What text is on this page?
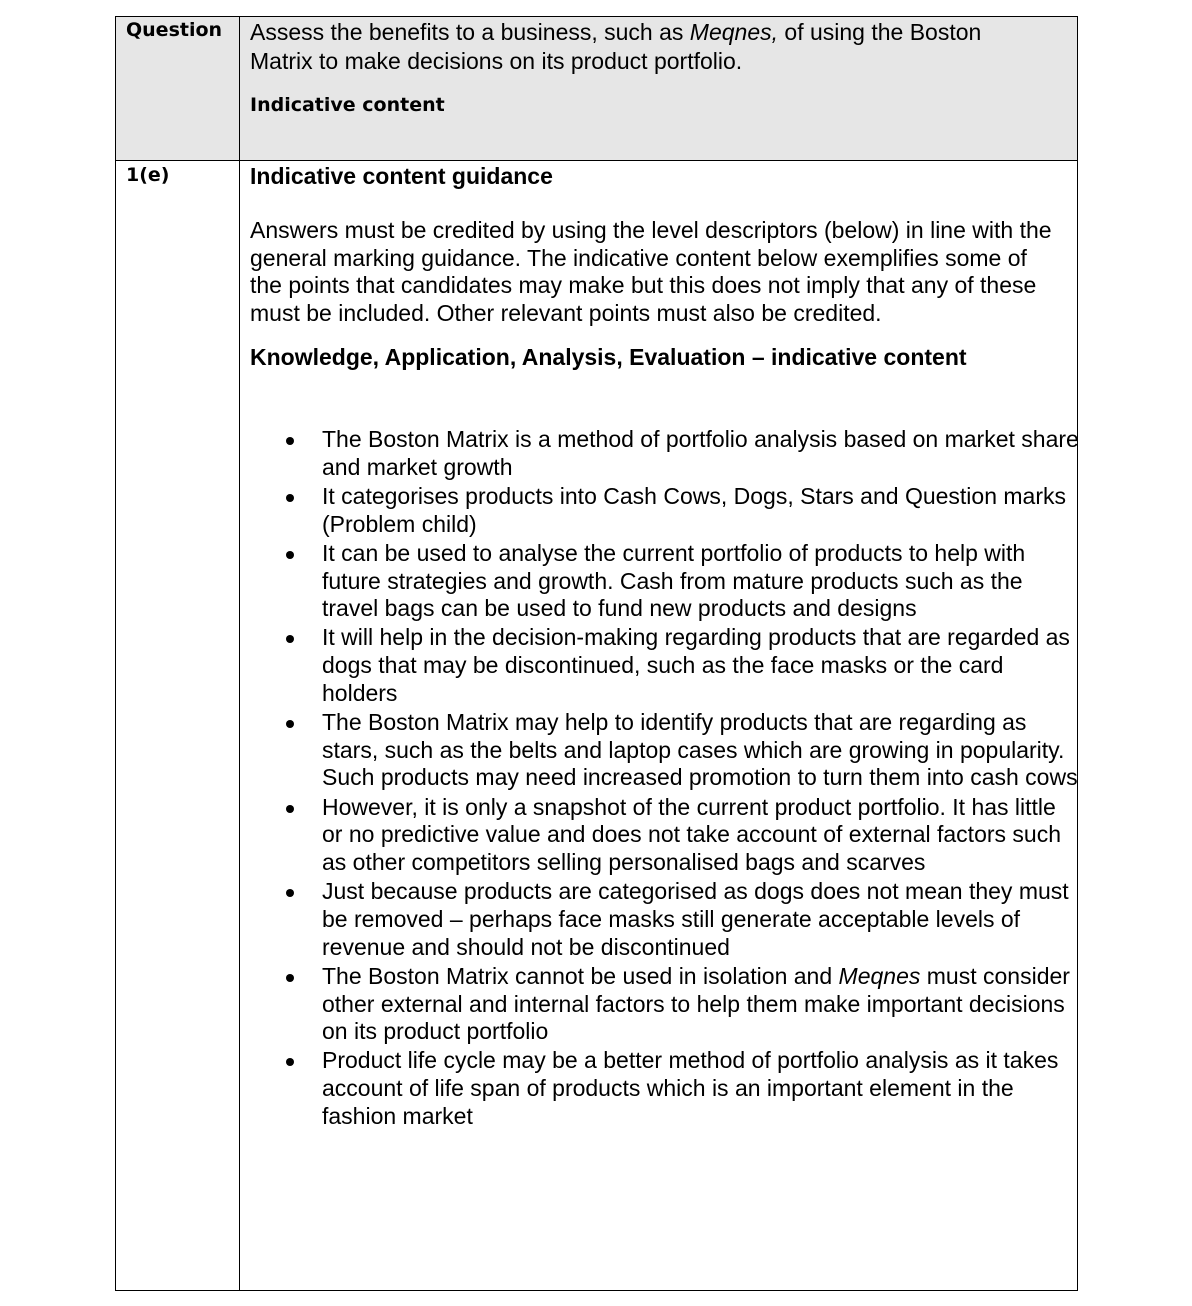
Question Assess the benefits to a business, such as Meqnes, of using the Boston Matrix to make decisions on its product portfolio.
Indicative content
1(e)	Indicative content guidance
Answers must be credited by using the level descriptors (below) in line with the general marking guidance. The indicative content below exemplifies some of the points that candidates may make but this does not imply that any of these must be included. Other relevant points must also be credited.
Knowledge, Application, Analysis, Evaluation – indicative content
The Boston Matrix is a method of portfolio analysis based on market share and market growth
It categorises products into Cash Cows, Dogs, Stars and Question marks (Problem child)
It can be used to analyse the current portfolio of products to help with future strategies and growth. Cash from mature products such as the travel bags can be used to fund new products and designs
It will help in the decision-making regarding products that are regarded as dogs that may be discontinued, such as the face masks or the card holders
The Boston Matrix may help to identify products that are regarding as stars, such as the belts and laptop cases which are growing in popularity. Such products may need increased promotion to turn them into cash cows
However, it is only a snapshot of the current product portfolio. It has little or no predictive value and does not take account of external factors such as other competitors selling personalised bags and scarves
Just because products are categorised as dogs does not mean they must be removed – perhaps face masks still generate acceptable levels of revenue and should not be discontinued
The Boston Matrix cannot be used in isolation and Meqnes must consider other external and internal factors to help them make important decisions on its product portfolio
Product life cycle may be a better method of portfolio analysis as it takes account of life span of products which is an important element in the fashion market
